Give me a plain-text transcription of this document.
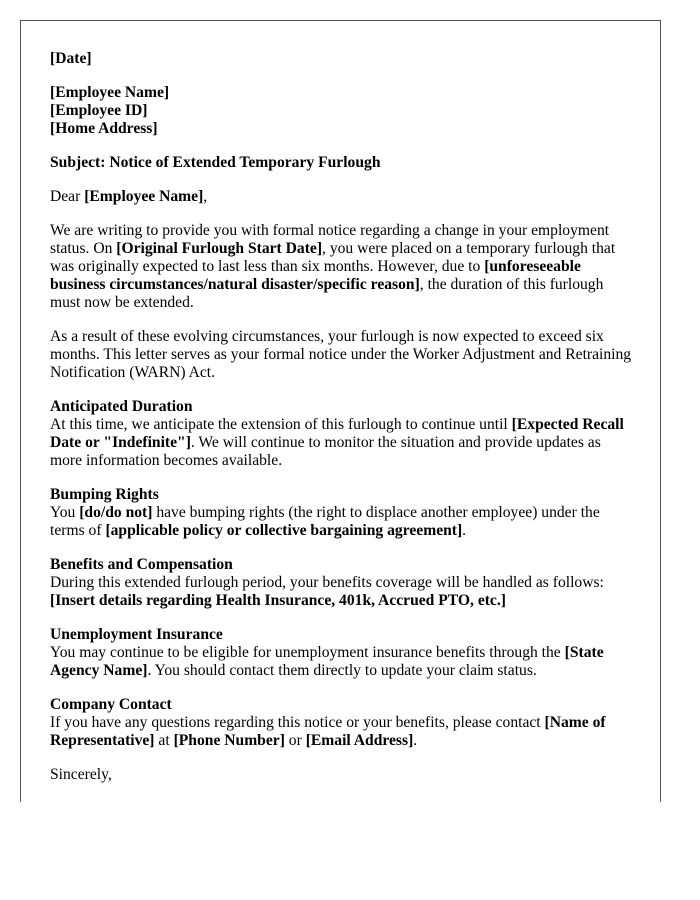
[Date]

[Employee Name]
[Employee ID]
[Home Address]

Subject: Notice of Extended Temporary Furlough

Dear [Employee Name],

We are writing to provide you with formal notice regarding a change in your employment status. On [Original Furlough Start Date], you were placed on a temporary furlough that was originally expected to last less than six months. However, due to [unforeseeable business circumstances/natural disaster/specific reason], the duration of this furlough must now be extended.

As a result of these evolving circumstances, your furlough is now expected to exceed six months. This letter serves as your formal notice under the Worker Adjustment and Retraining Notification (WARN) Act.

Anticipated Duration
At this time, we anticipate the extension of this furlough to continue until [Expected Recall Date or "Indefinite"]. We will continue to monitor the situation and provide updates as more information becomes available.

Bumping Rights
You [do/do not] have bumping rights (the right to displace another employee) under the terms of [applicable policy or collective bargaining agreement].

Benefits and Compensation
During this extended furlough period, your benefits coverage will be handled as follows: [Insert details regarding Health Insurance, 401k, Accrued PTO, etc.]

Unemployment Insurance
You may continue to be eligible for unemployment insurance benefits through the [State Agency Name]. You should contact them directly to update your claim status.

Company Contact
If you have any questions regarding this notice or your benefits, please contact [Name of Representative] at [Phone Number] or [Email Address].

Sincerely,
